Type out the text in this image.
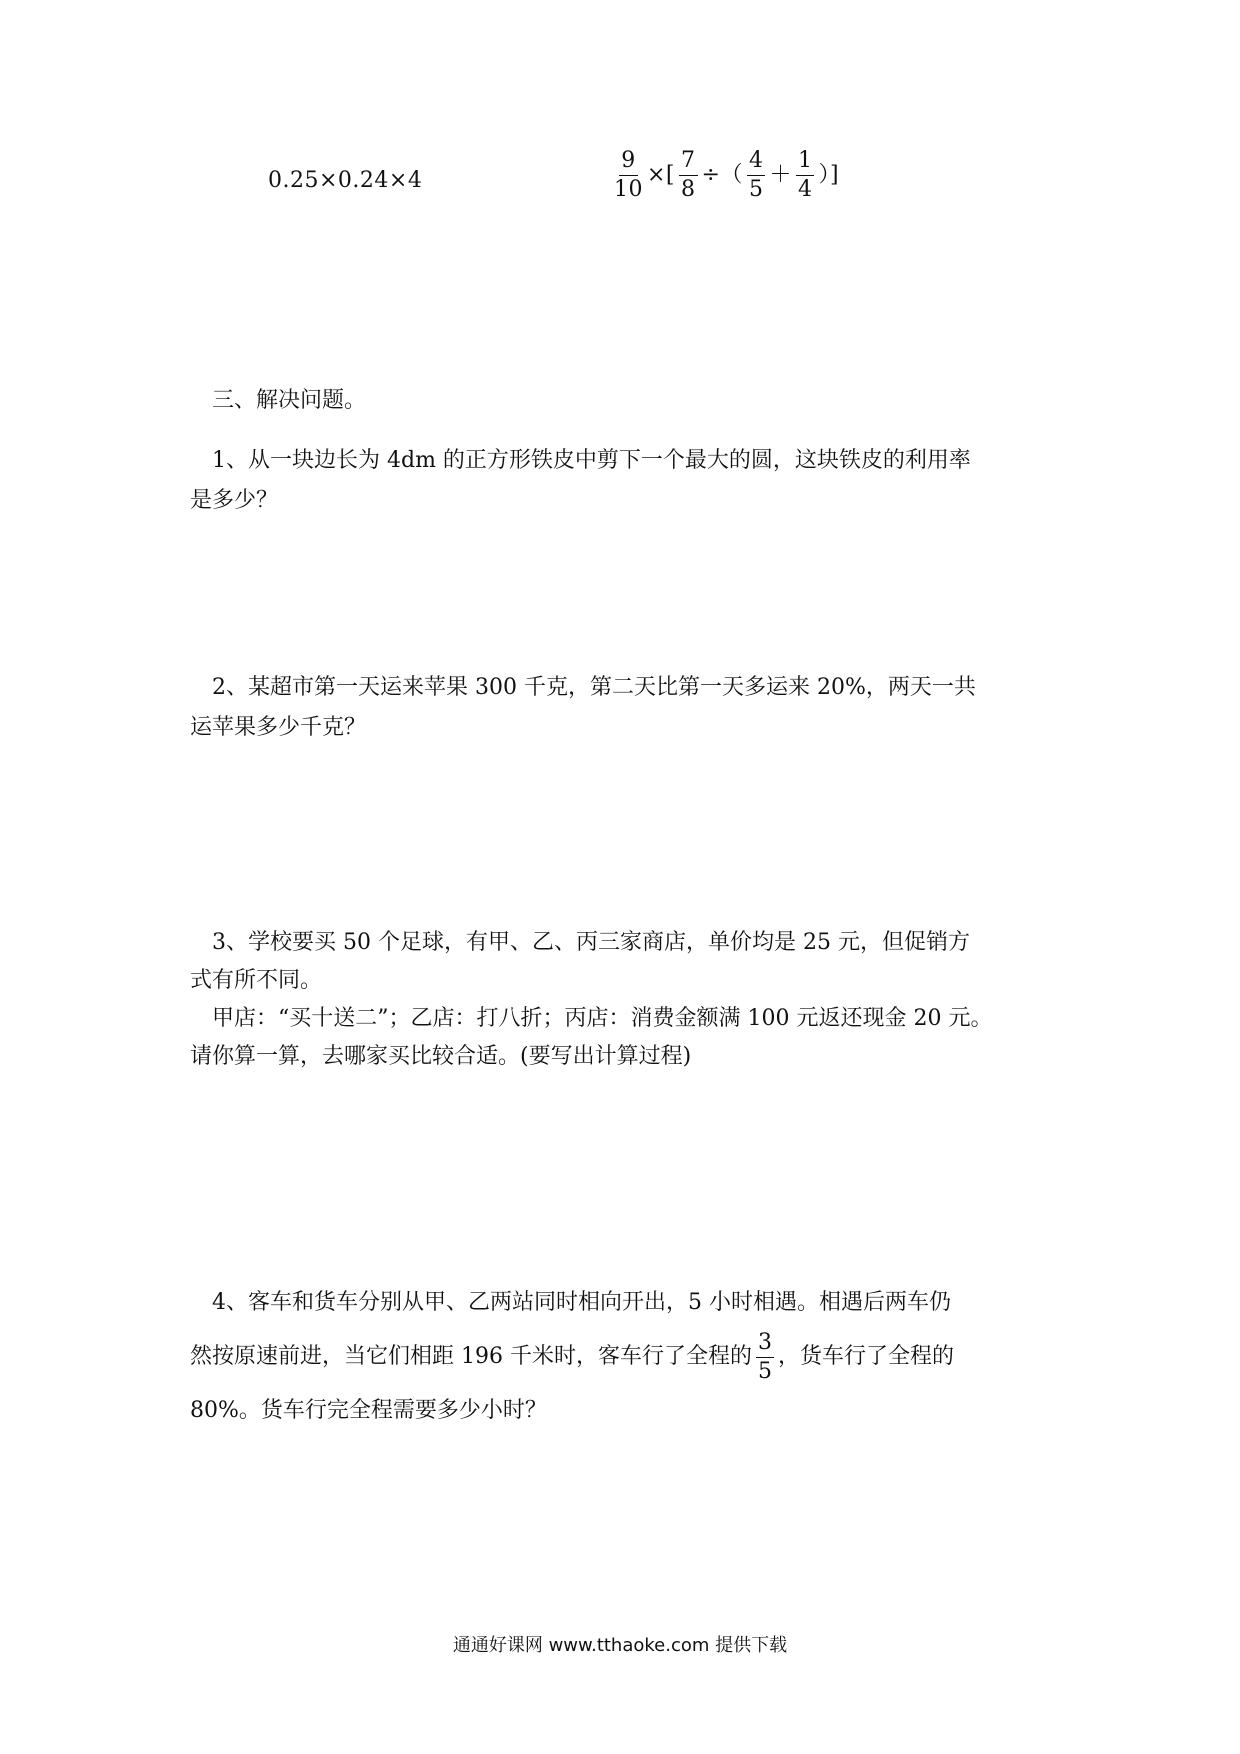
0.25×0.24×4	$\frac{9}{10}$ ×[ $\frac{7}{8}$ ÷（ $\frac{4}{5} + \frac{1}{4}$ ）]
三、解决问题。

1、从一块边长为 4dm 的正方形铁皮中剪下一个最大的圆，这块铁皮的利用率

是多少？

2、某超市第一天运来苹果 300 千克，第二天比第一天多运来 20%，两天一共

运苹果多少千克？

3、学校要买 50 个足球，有甲、乙、丙三家商店，单价均是 25 元，但促销方

式有所不同。

甲店：“买十送二”；乙店：打八折；丙店：消费金额满 100 元返还现金 20 元。

请你算一算，去哪家买比较合适。(要写出计算过程)

4、客车和货车分别从甲、乙两站同时相向开出，5 小时相遇。相遇后两车仍

然按原速前进，当它们相距 196 千米时，客车行了全程的 $\frac{3}{5}$ ，货车行了全程的

80%。货车行完全程需要多少小时？

通通好课网 www.tthaoke.com 提供下载
